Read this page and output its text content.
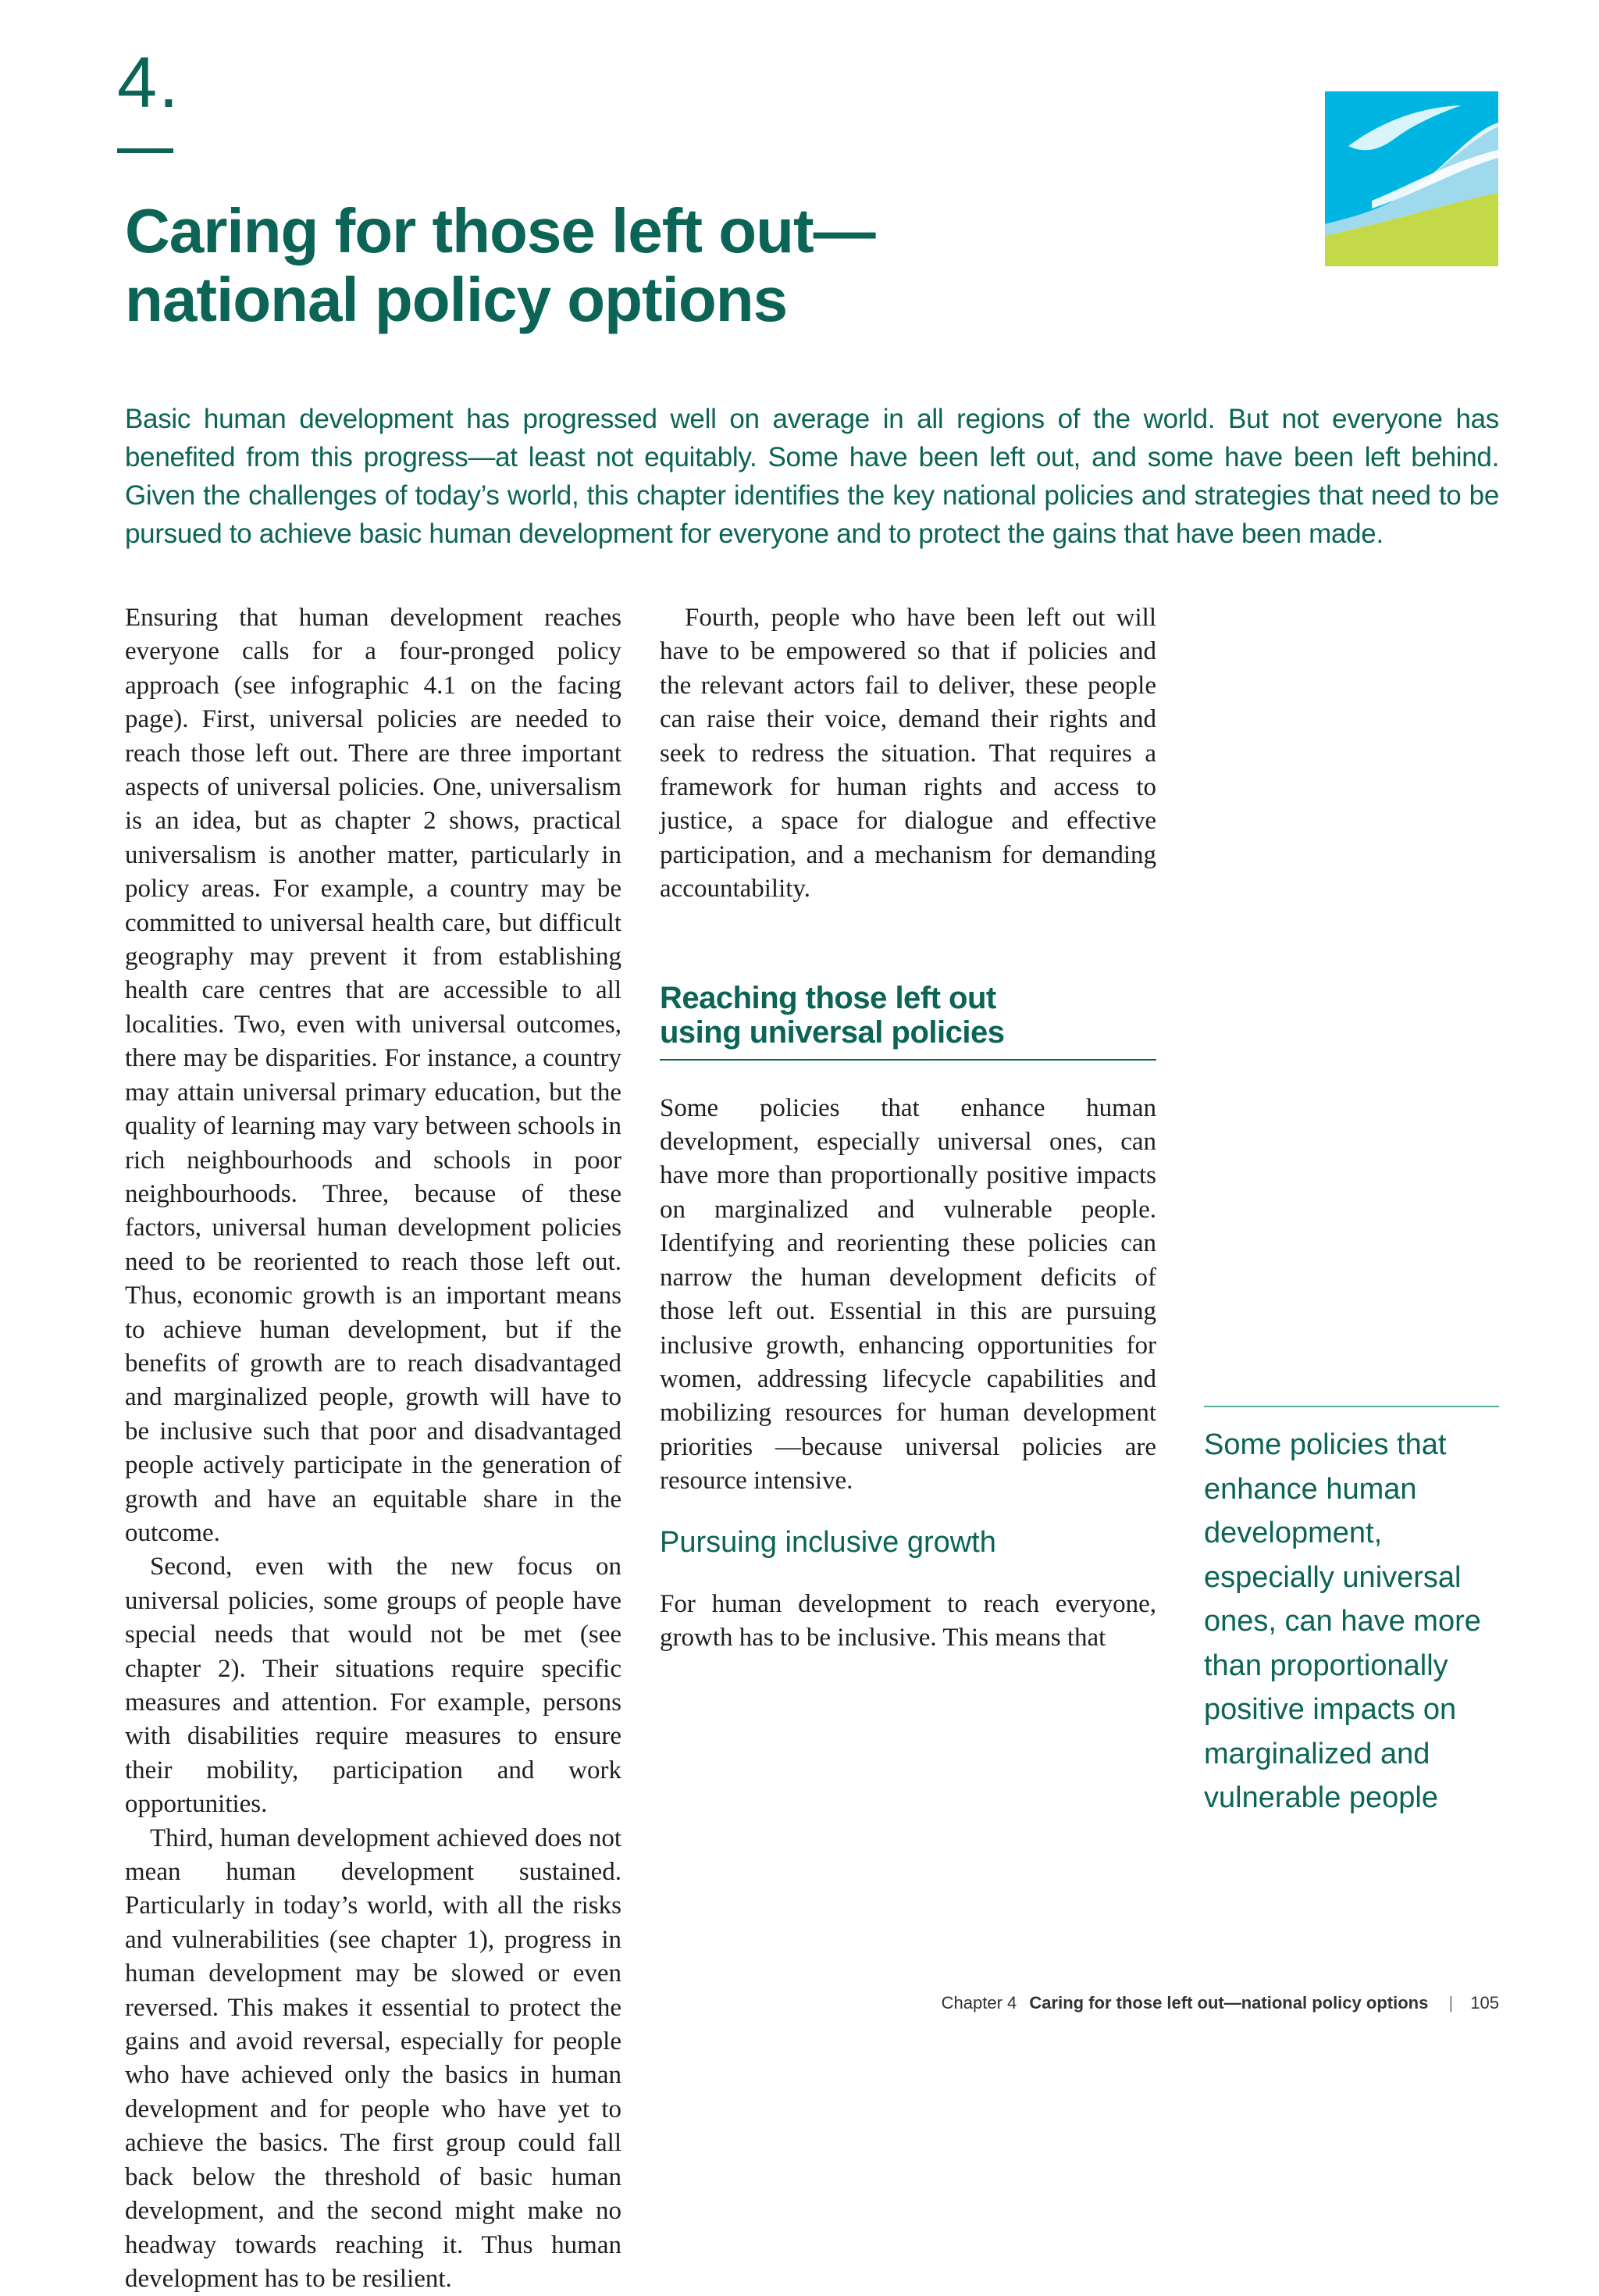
4.
Caring for those left out—
national policy options

Basic human development has progressed well on average in all regions of the world. But not everyone has benefited from this progress—at least not equitably. Some have been left out, and some have been left behind. Given the challenges of today’s world, this chapter identifies the key national policies and strategies that need to be pursued to achieve basic human development for everyone and to protect the gains that have been made.

Ensuring that human development reaches everyone calls for a four-pronged policy approach (see infographic 4.1 on the facing page). First, universal policies are needed to reach those left out. There are three important aspects of universal policies. One, universalism is an idea, but as chapter 2 shows, practical universalism is another matter, particularly in policy areas. For example, a country may be committed to universal health care, but difficult geography may prevent it from establishing health care centres that are accessible to all localities. Two, even with universal outcomes, there may be disparities. For instance, a country may attain universal primary education, but the quality of learning may vary between schools in rich neighbourhoods and schools in poor neighbourhoods. Three, because of these factors, universal human development policies need to be reoriented to reach those left out. Thus, economic growth is an important means to achieve human development, but if the benefits of growth are to reach disadvantaged and marginalized people, growth will have to be inclusive such that poor and disadvantaged people actively participate in the generation of growth and have an equitable share in the outcome.

Second, even with the new focus on universal policies, some groups of people have special needs that would not be met (see chapter 2). Their situations require specific measures and attention. For example, persons with disabilities require measures to ensure their mobility, participation and work opportunities.

Third, human development achieved does not mean human development sustained. Particularly in today’s world, with all the risks and vulnerabilities (see chapter 1), progress in human development may be slowed or even reversed. This makes it essential to protect the gains and avoid reversal, especially for people who have achieved only the basics in human development and for people who have yet to achieve the basics. The first group could fall back below the threshold of basic human development, and the second might make no headway towards reaching it. Thus human development has to be resilient.

Fourth, people who have been left out will have to be empowered so that if policies and the relevant actors fail to deliver, these people can raise their voice, demand their rights and seek to redress the situation. That requires a framework for human rights and access to justice, a space for dialogue and effective participation, and a mechanism for demanding accountability.

Reaching those left out
using universal policies

Some policies that enhance human development, especially universal ones, can have more than proportionally positive impacts on marginalized and vulnerable people. Identifying and reorienting these policies can narrow the human development deficits of those left out. Essential in this are pursuing inclusive growth, enhancing opportunities for women, addressing lifecycle capabilities and mobilizing resources for human development priorities —because universal policies are resource intensive.

Pursuing inclusive growth

For human development to reach everyone, growth has to be inclusive. This means that

Some policies that enhance human development, especially universal ones, can have more than proportionally positive impacts on marginalized and vulnerable people
Chapter 4 Caring for those left out—national policy options | 105
